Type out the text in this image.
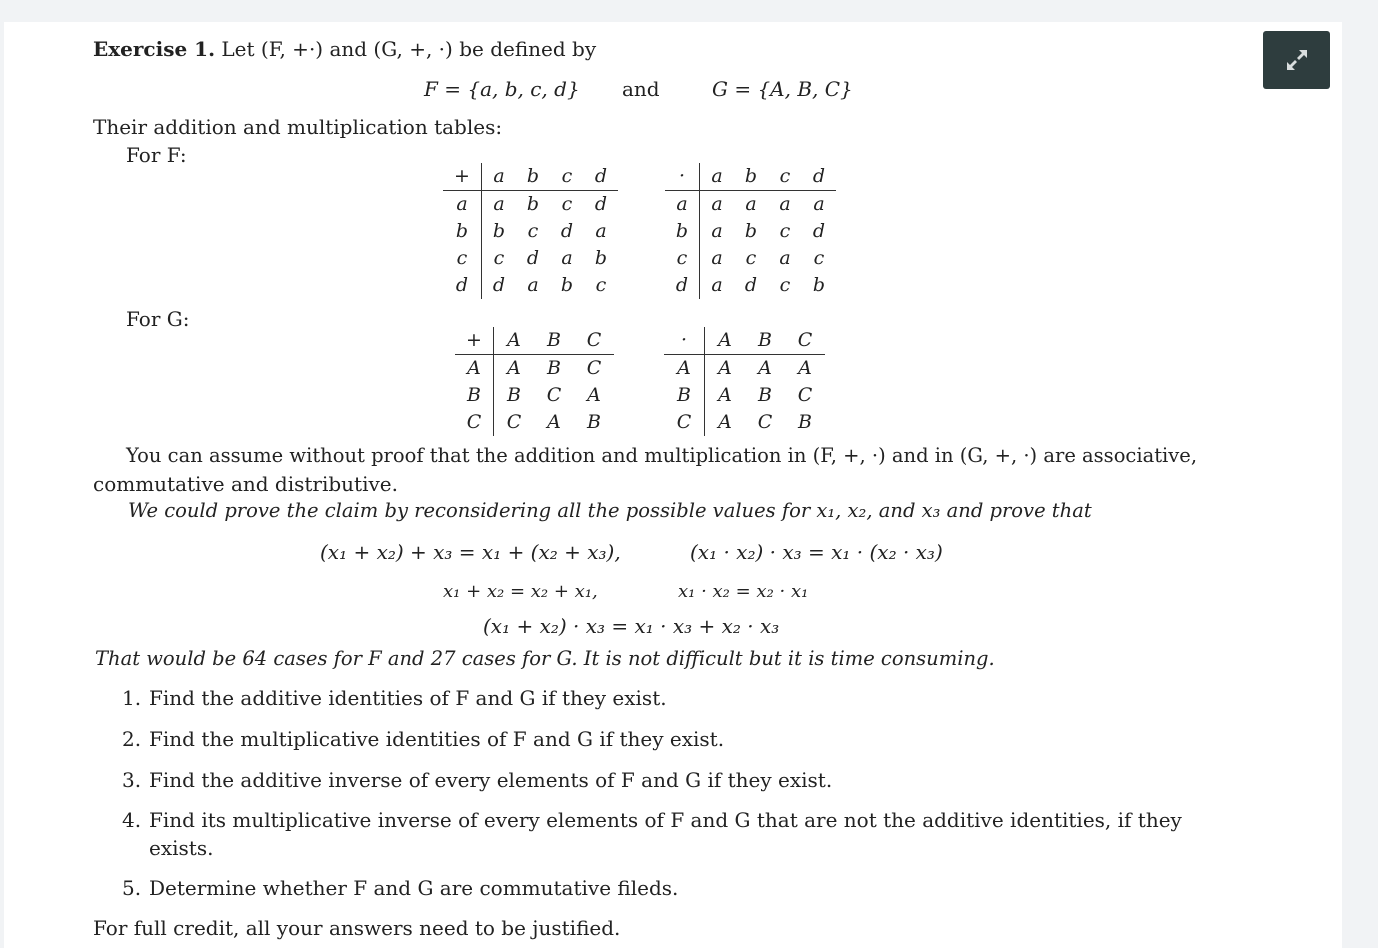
Exercise 1. Let (F, +·) and (G, +, ·) be defined by
F = {a, b, c, d} and	G = {A, B, C}
Their addition and multiplication tables:
For F:
For G:
+	a	b	c	d
a	a	b	c	d
b	b	c	d	a
c	c	d	a	b
d	d	a	b	c
·	a	b	c	d
a	a	a	a	a
b	a	b	c	d
c	a	c	a	c
d	a	d	c	b
+	A	B	C
A	A	B	C
B	B	C	A
C	C	A	B
·	A	B	C
A	A	A	A
B	A	B	C
C	A	C	B
You can assume without proof that the addition and multiplication in (F, +, ·) and in (G, +, ·) are associative,
commutative and distributive.
We could prove the claim by reconsidering all the possible values for x₁, x₂, and x₃ and prove that
(x₁ + x₂) + x₃ = x₁ + (x₂ + x₃),	(x₁ · x₂) · x₃ = x₁ · (x₂ · x₃)
x₁ + x₂ = x₂ + x₁,	x₁ · x₂ = x₂ · x₁
(x₁ + x₂) · x₃ = x₁ · x₃ + x₂ · x₃
That would be 64 cases for F and 27 cases for G. It is not difficult but it is time consuming.
1. Find the additive identities of F and G if they exist.
2. Find the multiplicative identities of F and G if they exist.
3. Find the additive inverse of every elements of F and G if they exist.
4. Find its multiplicative inverse of every elements of F and G that are not the additive identities, if they
exists.
5. Determine whether F and G are commutative fileds.
For full credit, all your answers need to be justified.
